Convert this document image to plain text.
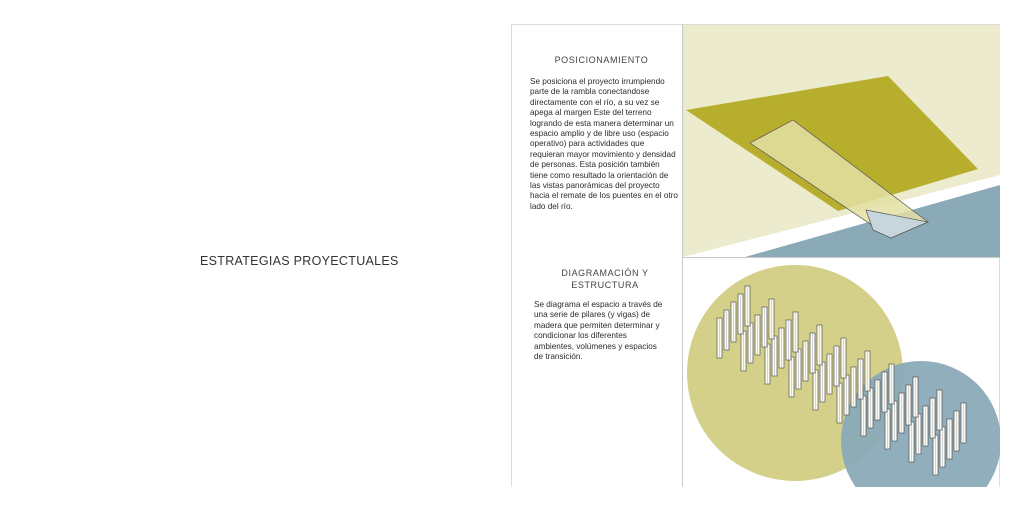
ESTRATEGIAS PROYECTUALES
POSICIONAMIENTO
Se posiciona el proyecto irrumpiendo parte de la rambla conectandose directamente con el río, a su vez se apega al margen Este del terreno logrando de esta manera determinar un espacio amplio y de libre uso (espacio operativo) para actividades que requieran mayor movimiento y densidad de personas. Esta posición también tiene como resultado la orientación de las vistas panorámicas del proyecto hacia el remate de los puentes en el otro lado del río.
DIAGRAMACIÓN Y ESTRUCTURA
Se diagrama el espacio a través de una serie de pilares (y vigas) de madera que permiten determinar y condicionar los diferentes ambientes, volúmenes y espacios de transición.
